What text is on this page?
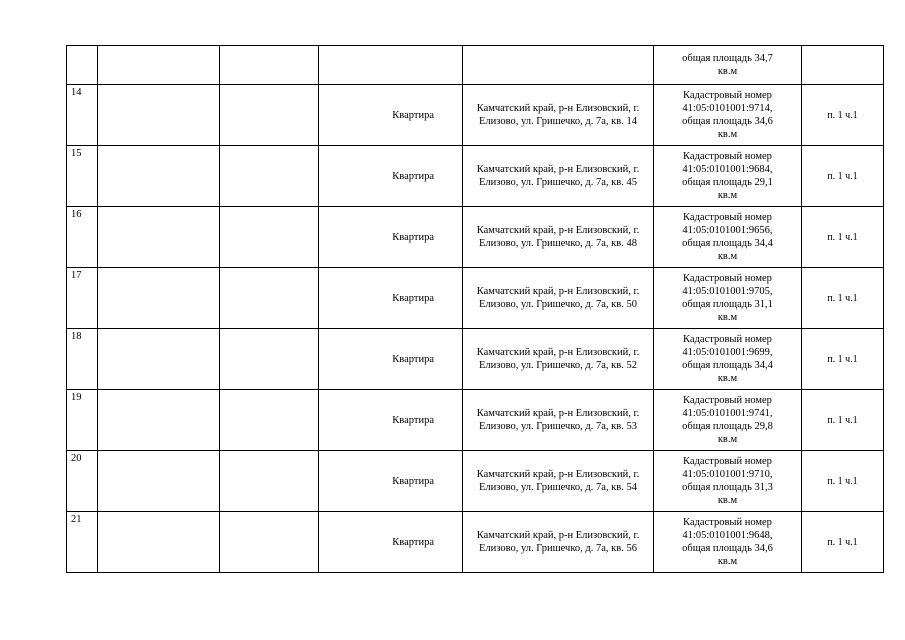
					общая площадь 34,7
кв.м	

14			Квартира	Камчатский край, р-н Елизовский, г. Елизово, ул. Гришечко, д. 7а, кв. 14	Кадастровый номер
41:05:0101001:9714,
общая площадь 34,6
кв.м	п. 1 ч.1
15			Квартира	Камчатский край, р-н Елизовский, г. Елизово, ул. Гришечко, д. 7а, кв. 45	Кадастровый номер
41:05:0101001:9684,
общая площадь 29,1
кв.м	п. 1 ч.1
16			Квартира	Камчатский край, р-н Елизовский, г. Елизово, ул. Гришечко, д. 7а, кв. 48	Кадастровый номер
41:05:0101001:9656,
общая площадь 34,4
кв.м	п. 1 ч.1
17			Квартира	Камчатский край, р-н Елизовский, г. Елизово, ул. Гришечко, д. 7а, кв. 50	Кадастровый номер
41:05:0101001:9705,
общая площадь 31,1
кв.м	п. 1 ч.1
18			Квартира	Камчатский край, р-н Елизовский, г. Елизово, ул. Гришечко, д. 7а, кв. 52	Кадастровый номер
41:05:0101001:9699,
общая площадь 34,4
кв.м	п. 1 ч.1
19			Квартира	Камчатский край, р-н Елизовский, г. Елизово, ул. Гришечко, д. 7а, кв. 53	Кадастровый номер
41:05:0101001:9741,
общая площадь 29,8
кв.м	п. 1 ч.1
20			Квартира	Камчатский край, р-н Елизовский, г. Елизово, ул. Гришечко, д. 7а, кв. 54	Кадастровый номер
41:05:0101001:9710,
общая площадь 31,3
кв.м	п. 1 ч.1
21			Квартира	Камчатский край, р-н Елизовский, г. Елизово, ул. Гришечко, д. 7а, кв. 56	Кадастровый номер
41:05:0101001:9648,
общая площадь 34,6
кв.м	п. 1 ч.1
